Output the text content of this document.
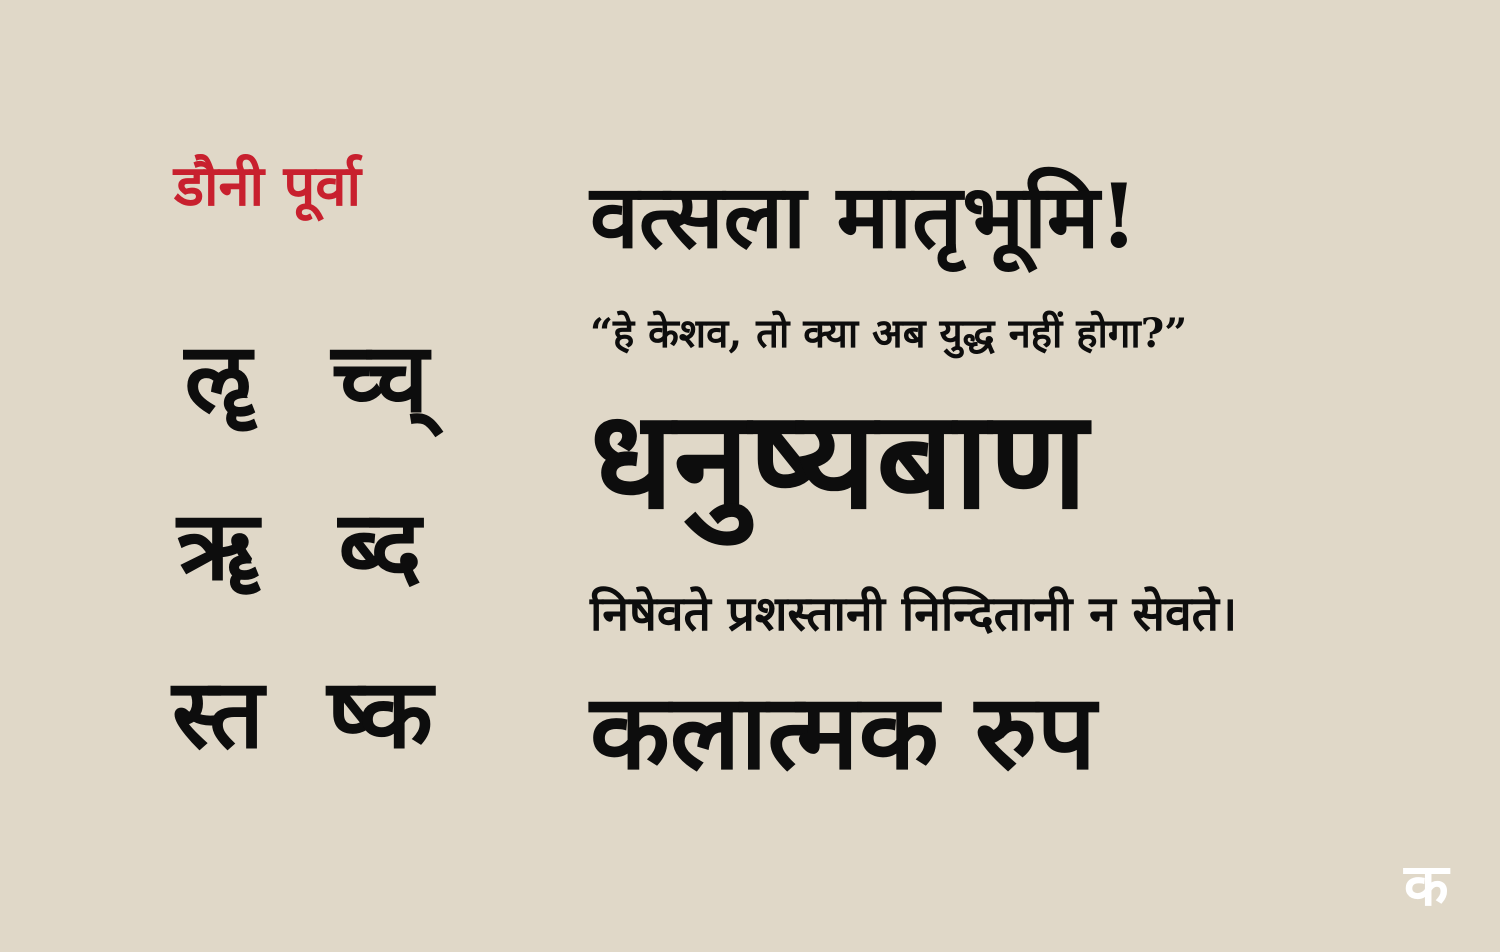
डौनी पूर्वा
ॡ च्च्
ॠ ब्द
स्त ष्क
वत्सला मातृभूमि!
“हे केशव, तो क्या अब युद्ध नहीं होगा?”
धनुष्यबाण
निषेवते प्रशस्तानी निन्दितानी न सेवते।
कलात्मक रुप
क
